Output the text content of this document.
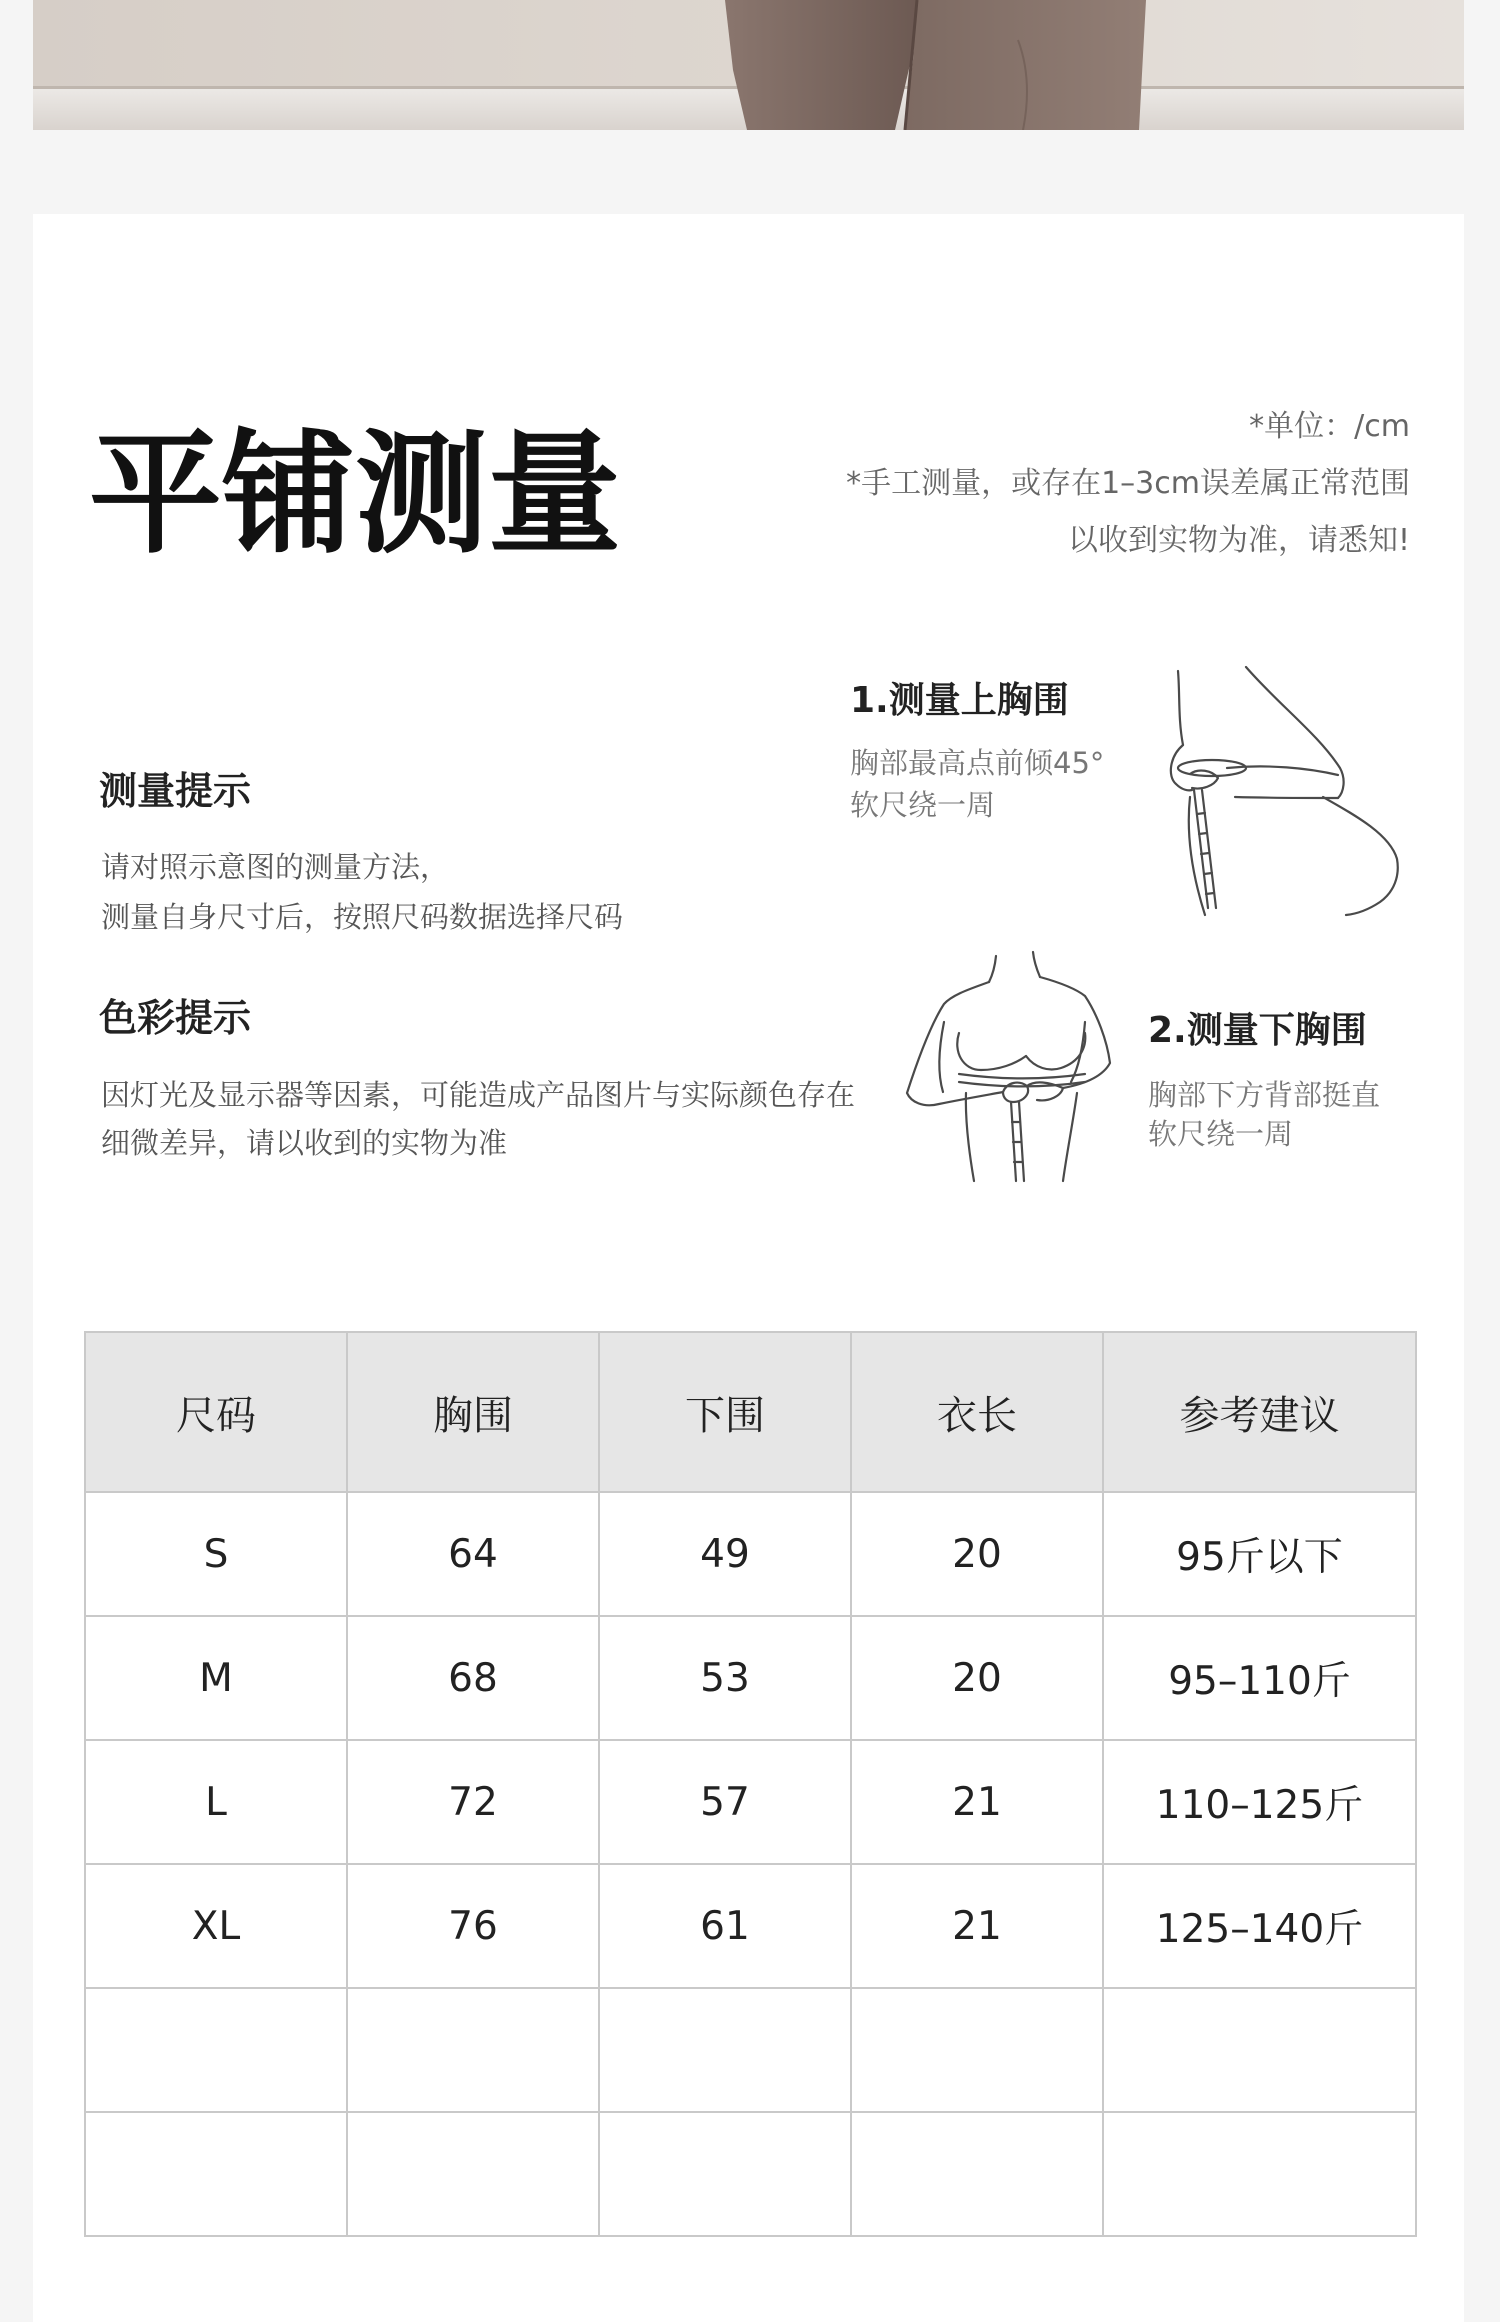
平铺测量	*单位：/cm
*手工测量，或存在1–3cm误差属正常范围
以收到实物为准，请悉知!
测量提示
请对照示意图的测量方法，
测量自身尺寸后，按照尺码数据选择尺码
色彩提示
因灯光及显示器等因素，可能造成产品图片与实际颜色存在
细微差异，请以收到的实物为准
1.测量上胸围
胸部最高点前倾45°
软尺绕一周
2.测量下胸围
胸部下方背部挺直
软尺绕一周
尺码	胸围	下围	衣长	参考建议
S	64	49	20	95斤以下
M	68	53	20	95–110斤
L	72	57	21	110–125斤
XL	76	61	21	125–140斤
